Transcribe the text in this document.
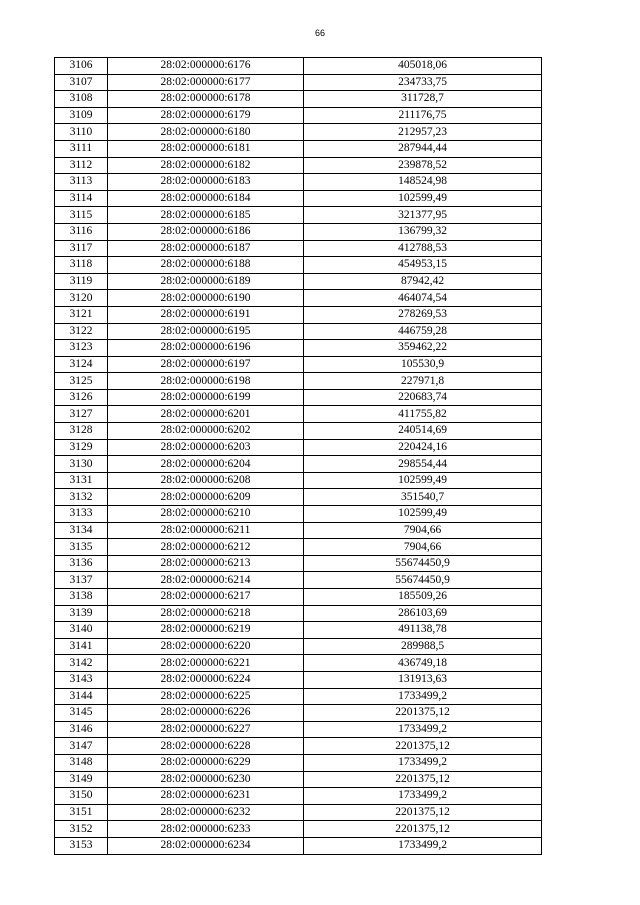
66
3106	28:02:000000:6176	405018,06
3107	28:02:000000:6177	234733,75
3108	28:02:000000:6178	311728,7
3109	28:02:000000:6179	211176,75
3110	28:02:000000:6180	212957,23
3111	28:02:000000:6181	287944,44
3112	28:02:000000:6182	239878,52
3113	28:02:000000:6183	148524,98
3114	28:02:000000:6184	102599,49
3115	28:02:000000:6185	321377,95
3116	28:02:000000:6186	136799,32
3117	28:02:000000:6187	412788,53
3118	28:02:000000:6188	454953,15
3119	28:02:000000:6189	87942,42
3120	28:02:000000:6190	464074,54
3121	28:02:000000:6191	278269,53
3122	28:02:000000:6195	446759,28
3123	28:02:000000:6196	359462,22
3124	28:02:000000:6197	105530,9
3125	28:02:000000:6198	227971,8
3126	28:02:000000:6199	220683,74
3127	28:02:000000:6201	411755,82
3128	28:02:000000:6202	240514,69
3129	28:02:000000:6203	220424,16
3130	28:02:000000:6204	298554,44
3131	28:02:000000:6208	102599,49
3132	28:02:000000:6209	351540,7
3133	28:02:000000:6210	102599,49
3134	28:02:000000:6211	7904,66
3135	28:02:000000:6212	7904,66
3136	28:02:000000:6213	55674450,9
3137	28:02:000000:6214	55674450,9
3138	28:02:000000:6217	185509,26
3139	28:02:000000:6218	286103,69
3140	28:02:000000:6219	491138,78
3141	28:02:000000:6220	289988,5
3142	28:02:000000:6221	436749,18
3143	28:02:000000:6224	131913,63
3144	28:02:000000:6225	1733499,2
3145	28:02:000000:6226	2201375,12
3146	28:02:000000:6227	1733499,2
3147	28:02:000000:6228	2201375,12
3148	28:02:000000:6229	1733499,2
3149	28:02:000000:6230	2201375,12
3150	28:02:000000:6231	1733499,2
3151	28:02:000000:6232	2201375,12
3152	28:02:000000:6233	2201375,12
3153	28:02:000000:6234	1733499,2
